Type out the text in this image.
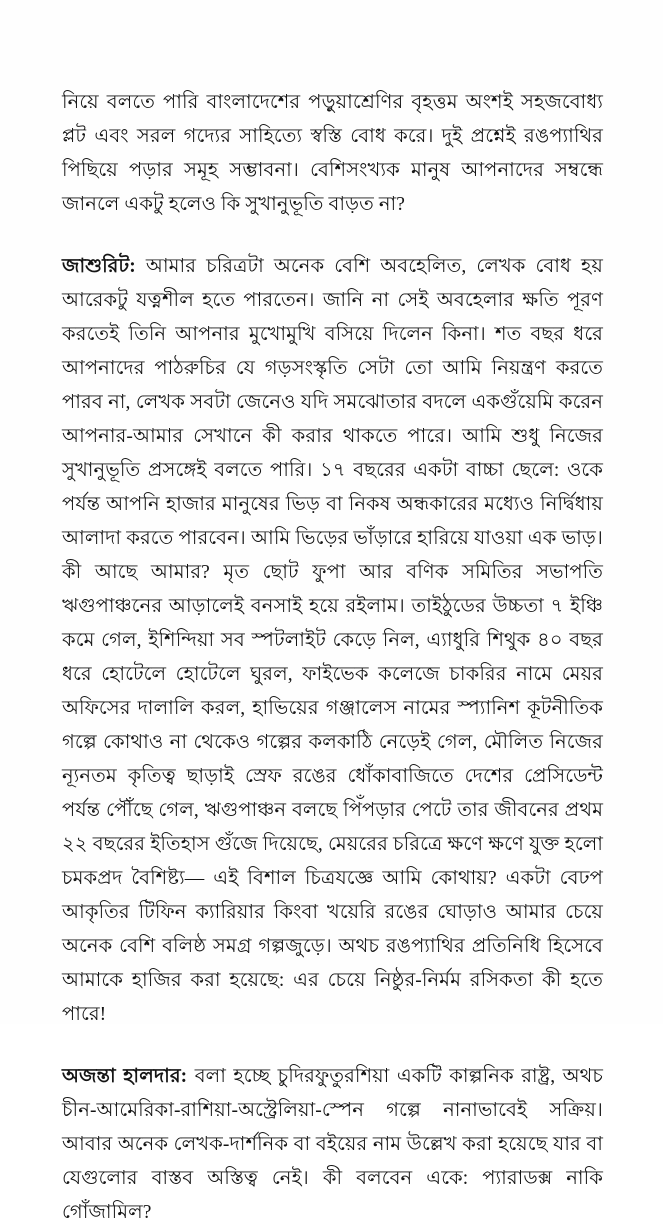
নিয়ে বলতে পারি বাংলাদেশের পড়ুয়াশ্রেণির বৃহত্তম অংশই সহজবোধ্য প্লট এবং সরল গদ্যের সাহিত্যে স্বস্তি বোধ করে। দুই প্রশ্নেই রঙপ্যাথির পিছিয়ে পড়ার সমূহ সম্ভাবনা। বেশিসংখ্যক মানুষ আপনাদের সম্বন্ধে জানলে একটু হলেও কি সুখানুভূতি বাড়ত না?

জাশুরিট: আমার চরিত্রটা অনেক বেশি অবহেলিত, লেখক বোধ হয় আরেকটু যত্নশীল হতে পারতেন। জানি না সেই অবহেলার ক্ষতি পূরণ করতেই তিনি আপনার মুখোমুখি বসিয়ে দিলেন কিনা। শত বছর ধরে আপনাদের পাঠরুচির যে গড়সংস্কৃতি সেটা তো আমি নিয়ন্ত্রণ করতে পারব না, লেখক সবটা জেনেও যদি সমঝোতার বদলে একগুঁয়েমি করেন আপনার-আমার সেখানে কী করার থাকতে পারে। আমি শুধু নিজের সুখানুভূতি প্রসঙ্গেই বলতে পারি। ১৭ বছরের একটা বাচ্চা ছেলে: ওকে পর্যন্ত আপনি হাজার মানুষের ভিড় বা নিকষ অন্ধকারের মধ্যেও নির্দ্বিধায় আলাদা করতে পারবেন। আমি ভিড়ের ভাঁড়ারে হারিয়ে যাওয়া এক ভাড়। কী আছে আমার? মৃত ছোট ফুপা আর বণিক সমিতির সভাপতি ঋগুপাঞ্চনের আড়ালেই বনসাই হয়ে রইলাম। তাইঠুডের উচ্চতা ৭ ইঞ্চি কমে গেল, ইশিন্দিয়া সব স্পটলাইট কেড়ে নিল, এ্যাধুরি শিথুক ৪০ বছর ধরে হোটেলে হোটেলে ঘুরল, ফাইভেক কলেজে চাকরির নামে মেয়র অফিসের দালালি করল, হাভিয়ের গঞ্জালেস নামের স্প্যানিশ কূটনীতিক গল্পে কোথাও না থেকেও গল্পের কলকাঠি নেড়েই গেল, মৌলিত নিজের ন্যূনতম কৃতিত্ব ছাড়াই স্রেফ রঙের ধোঁকাবাজিতে দেশের প্রেসিডেন্ট পর্যন্ত পৌঁছে গেল, ঋগুপাঞ্চন বলছে পিঁপড়ার পেটে তার জীবনের প্রথম ২২ বছরের ইতিহাস গুঁজে দিয়েছে, মেয়রের চরিত্রে ক্ষণে ক্ষণে যুক্ত হলো চমকপ্রদ বৈশিষ্ট্য— এই বিশাল চিত্রযজ্ঞে আমি কোথায়? একটা বেঢপ আকৃতির টিফিন ক্যারিয়ার কিংবা খয়েরি রঙের ঘোড়াও আমার চেয়ে অনেক বেশি বলিষ্ঠ সমগ্র গল্পজুড়ে। অথচ রঙপ্যাথির প্রতিনিধি হিসেবে আমাকে হাজির করা হয়েছে: এর চেয়ে নিষ্ঠুর-নির্মম রসিকতা কী হতে পারে!

অজন্তা হালদার: বলা হচ্ছে চুদিরফুতুরশিয়া একটি কাল্পনিক রাষ্ট্র, অথচ চীন-আমেরিকা-রাশিয়া-অস্ট্রেলিয়া-স্পেন গল্পে নানাভাবেই সক্রিয়। আবার অনেক লেখক-দার্শনিক বা বইয়ের নাম উল্লেখ করা হয়েছে যার বা যেগুলোর বাস্তব অস্তিত্ব নেই। কী বলবেন একে: প্যারাডক্স নাকি গোঁজামিল?
